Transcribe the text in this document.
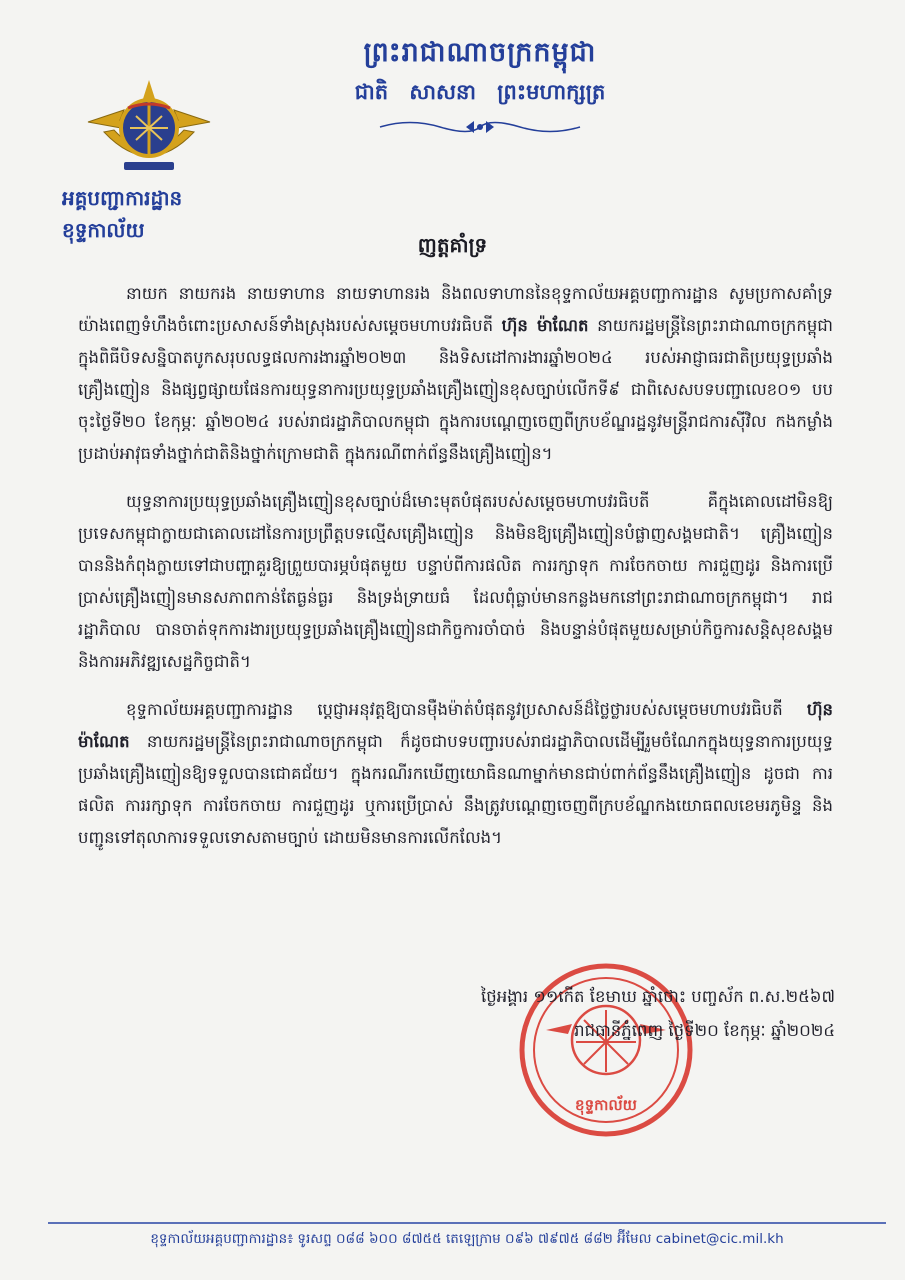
ព្រះរាជាណាចក្រកម្ពុជា
ជាតិ សាសនា ព្រះមហាក្សត្រ
អគ្គបញ្ជាការដ្ឋាន
ខុទ្ទកាល័យ
ញត្តគាំទ្រ

នាយក នាយករង នាយទាហាន នាយទាហានរង និងពលទាហាននៃខុទ្ទកាល័យអគ្គបញ្ជាការដ្ឋាន សូមប្រកាសគាំទ្រយ៉ាងពេញទំហឹងចំពោះប្រសាសន៍ទាំងស្រុងរបស់សម្តេចមហាបវរធិបតី ហ៊ុន ម៉ាណែត នាយករដ្ឋមន្ត្រីនៃព្រះរាជាណាចក្រកម្ពុជា ក្នុងពិធីបិទសន្និបាតបូកសរុបលទ្ធផលការងារឆ្នាំ២០២៣ និងទិសដៅការងារឆ្នាំ២០២៤ របស់អាជ្ញាធរជាតិប្រយុទ្ធប្រឆាំងគ្រឿងញៀន និងផ្សព្វផ្សាយផែនការយុទ្ធនាការប្រយុទ្ធប្រឆាំងគ្រឿងញៀនខុសច្បាប់លើកទី៩ ជាពិសេសបទបញ្ជាលេខ០១ បប ចុះថ្ងៃទី២០ ខែកុម្ភៈ ឆ្នាំ២០២៤ របស់រាជរដ្ឋាភិបាលកម្ពុជា ក្នុងការបណ្តេញចេញពីក្របខ័ណ្ឌរដ្ឋនូវមន្ត្រីរាជការស៊ីវិល កងកម្លាំងប្រដាប់អាវុធទាំងថ្នាក់ជាតិនិងថ្នាក់ក្រោមជាតិ ក្នុងករណីពាក់ព័ន្ធនឹងគ្រឿងញៀន។

យុទ្ធនាការប្រយុទ្ធប្រឆាំងគ្រឿងញៀនខុសច្បាប់ដ៏មោះមុតបំផុតរបស់សម្តេចមហាបវរធិបតី គឺក្នុងគោលដៅមិនឱ្យប្រទេសកម្ពុជាក្លាយជាគោលដៅនៃការប្រព្រឹត្តបទល្មើសគ្រឿងញៀន និងមិនឱ្យគ្រឿងញៀនបំផ្លាញសង្គមជាតិ។ គ្រឿងញៀន បាននិងកំពុងក្លាយទៅជាបញ្ហាគួរឱ្យព្រួយបារម្ភបំផុតមួយ បន្ទាប់ពីការផលិត ការរក្សាទុក ការចែកចាយ ការជួញដូរ និងការប្រើប្រាស់គ្រឿងញៀនមានសភាពកាន់តែធ្ងន់ធ្ងរ និងទ្រង់ទ្រាយធំ ដែលពុំធ្លាប់មានកន្លងមកនៅព្រះរាជាណាចក្រកម្ពុជា។ រាជរដ្ឋាភិបាល បានចាត់ទុកការងារប្រយុទ្ធប្រឆាំងគ្រឿងញៀនជាកិច្ចការចាំបាច់ និងបន្ទាន់បំផុតមួយសម្រាប់កិច្ចការសន្តិសុខសង្គម និងការអភិវឌ្ឍសេដ្ឋកិច្ចជាតិ។

ខុទ្ទកាល័យអគ្គបញ្ជាការដ្ឋាន ប្តេជ្ញាអនុវត្តឱ្យបានម៉ឺងម៉ាត់បំផុតនូវប្រសាសន៍ដ៏ថ្លៃថ្លារបស់សម្តេចមហាបវរធិបតី ហ៊ុន ម៉ាណែត នាយករដ្ឋមន្ត្រីនៃព្រះរាជាណាចក្រកម្ពុជា ក៏ដូចជាបទបញ្ជារបស់រាជរដ្ឋាភិបាលដើម្បីរួមចំណែកក្នុងយុទ្ធនាការប្រយុទ្ធប្រឆាំងគ្រឿងញៀនឱ្យទទួលបានជោគជ័យ។ ក្នុងករណីរកឃើញយោធិនណាម្នាក់មានជាប់ពាក់ព័ន្ធនឹងគ្រឿងញៀន ដូចជា ការផលិត ការរក្សាទុក ការចែកចាយ ការជួញដូរ ឬការប្រើប្រាស់ នឹងត្រូវបណ្តេញចេញពីក្របខ័ណ្ឌកងយោធពលខេមរភូមិន្ទ និងបញ្ជូនទៅតុលាការទទួលទោសតាមច្បាប់ ដោយមិនមានការលើកលែង។

ខុទ្ទកាល័យ
ថ្ងៃអង្គារ ១១កើត ខែមាឃ ឆ្នាំថោះ បញ្ចស័ក ព.ស.២៥៦៧
រាជធានីភ្នំពេញ ថ្ងៃទី២០ ខែកុម្ភៈ ឆ្នាំ២០២៤
ខុទ្ទកាល័យអគ្គបញ្ជាការដ្ឋាន៖ ទូរសព្ទ ០៨៨ ៦០០ ៨៧៥៥ តេឡេក្រាម ០៩៦ ៧៩៧៥ ៨៨២ អ៊ីមែល cabinet@cic.mil.kh
